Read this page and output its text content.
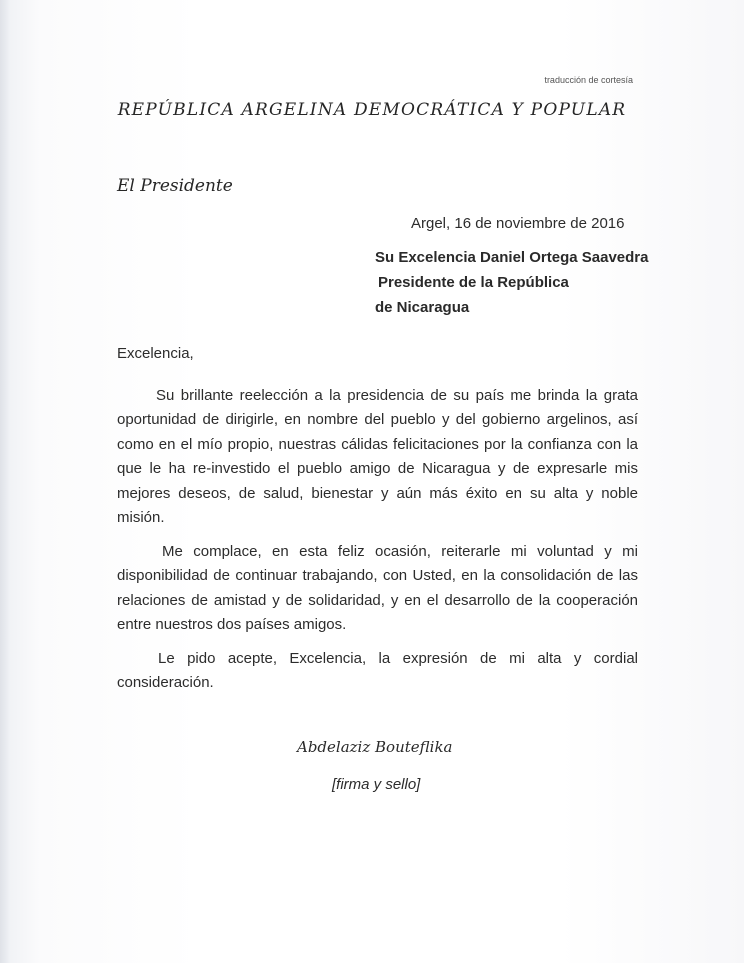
traducción de cortesía
REPÚBLICA ARGELINA DEMOCRÁTICA Y POPULAR
El Presidente
Argel, 16 de noviembre de 2016
Su Excelencia Daniel Ortega Saavedra
Presidente de la República
de Nicaragua
Excelencia,
Su brillante reelección a la presidencia de su país me brinda la grata oportunidad de dirigirle, en nombre del pueblo y del gobierno argelinos, así como en el mío propio, nuestras cálidas felicitaciones por la confianza con la que le ha re-investido el pueblo amigo de Nicaragua y de expresarle mis mejores deseos, de salud, bienestar y aún más éxito en su alta y noble misión.
Me complace, en esta feliz ocasión, reiterarle mi voluntad y mi disponibilidad de continuar trabajando, con Usted, en la consolidación de las relaciones de amistad y de solidaridad, y en el desarrollo de la cooperación entre nuestros dos países amigos.
Le pido acepte, Excelencia, la expresión de mi alta y cordial consideración.
Abdelaziz Bouteflika
[firma y sello]
